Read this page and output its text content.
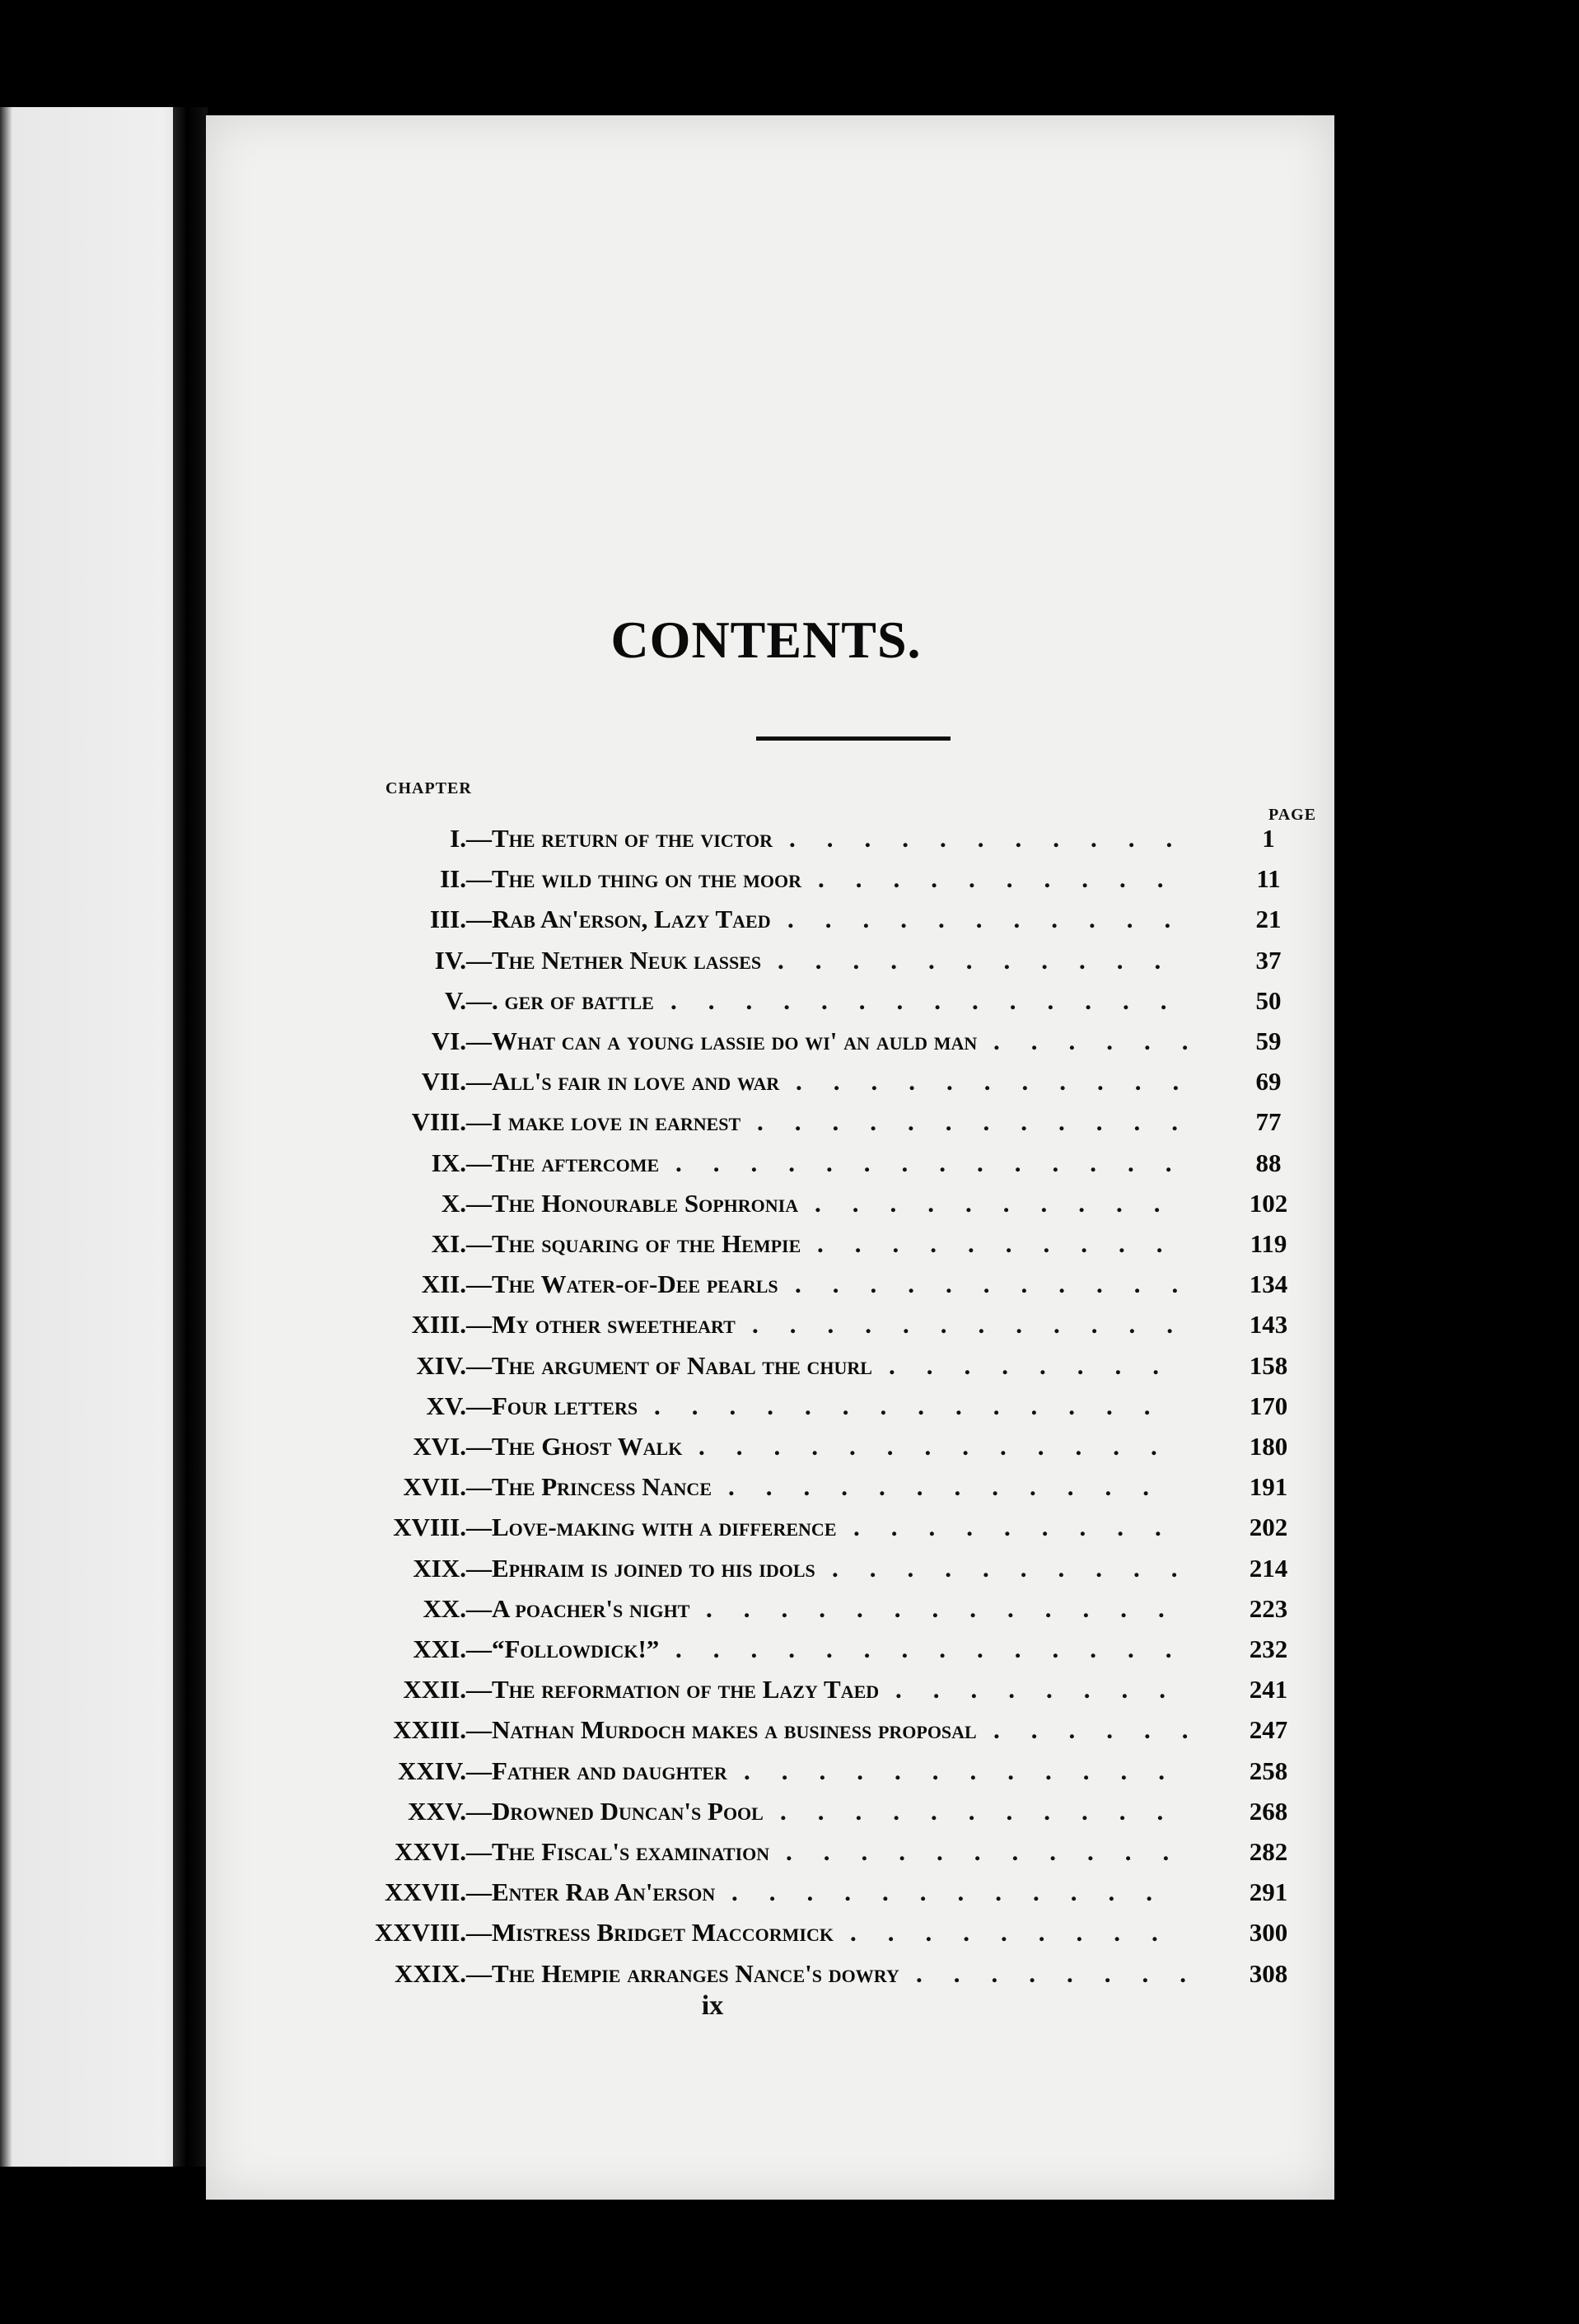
CONTENTS.
CHAPTER
PAGE
I. —The return of the victor ...........	1
II. —The wild thing on the moor ..........	11
III. —Rab An'erson, Lazy Taed ...........	21
IV. —The Nether Neuk lasses ...........	37
V. —. ger of battle ..............	50
VI. —What can a young lassie do wi' an auld man ......	59
VII. —All's fair in love and war ...........	69
VIII. —I make love in earnest ............	77
IX. —The aftercome ..............	88
X. —The Honourable Sophronia ..........	102
XI. —The squaring of the Hempie ..........	119
XII. —The Water-of-Dee pearls ...........	134
XIII. —My other sweetheart ............	143
XIV. —The argument of Nabal the churl ........	158
XV. —Four letters ..............	170
XVI. —The Ghost Walk .............	180
XVII. —The Princess Nance ............	191
XVIII. —Love-making with a difference .........	202
XIX. —Ephraim is joined to his idols ..........	214
XX. —A poacher's night .............	223
XXI. —“Followdick!” ..............	232
XXII. —The reformation of the Lazy Taed ........	241
XXIII. —Nathan Murdoch makes a business proposal ......	247
XXIV. —Father and daughter ............	258
XXV. —Drowned Duncan's Pool ...........	268
XXVI. —The Fiscal's examination ...........	282
XXVII. —Enter Rab An'erson ............	291
XXVIII. —Mistress Bridget Maccormick .........	300
XXIX. —The Hempie arranges Nance's dowry ........	308
ix
